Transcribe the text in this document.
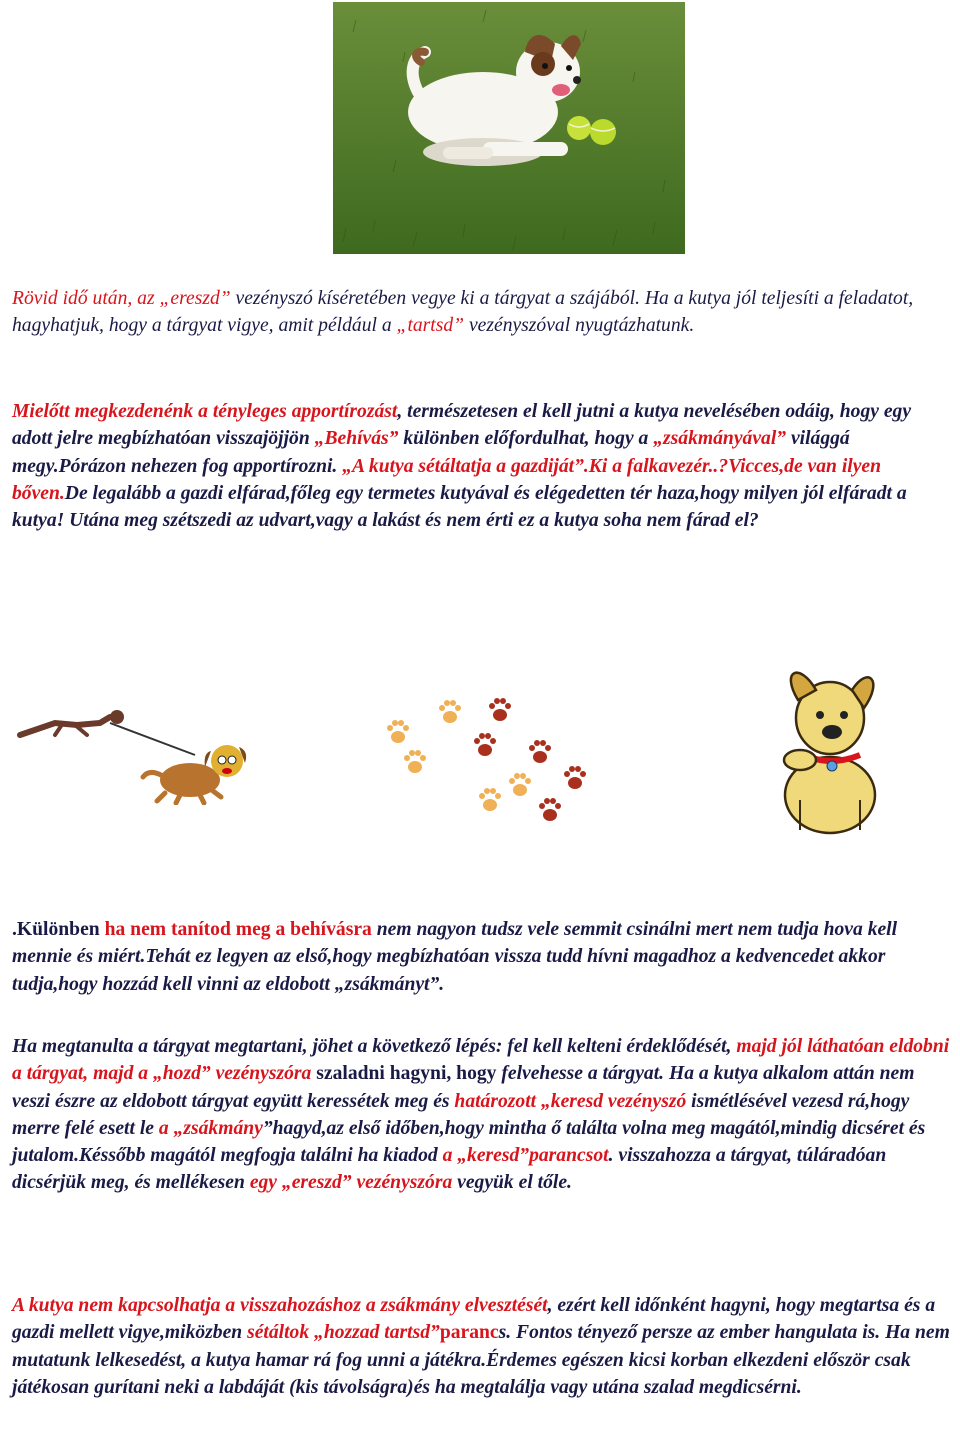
Rövid idő után, az „ereszd” vezényszó kíséretében vegye ki a tárgyat a szájából. Ha a kutya jól teljesíti a feladatot, hagyhatjuk, hogy a tárgyat vigye, amit például a „tartsd” vezényszóval nyugtázhatunk.
Mielőtt megkezdenénk a tényleges apportírozást, természetesen el kell jutni a kutya nevelésében odáig, hogy egy adott jelre megbízhatóan visszajöjjön „Behívás” különben előfordulhat, hogy a „zsákmányával” világgá megy.Pórázon nehezen fog apportírozni. „A kutya sétáltatja a gazdiját”.Ki a falkavezér..?Vicces,de van ilyen bőven.De legalább a gazdi elfárad,főleg egy termetes kutyával és elégedetten tér haza,hogy milyen jól elfáradt a kutya! Utána meg szétszedi az udvart,vagy a lakást és nem érti ez a kutya soha nem fárad el?
.Különben ha nem tanítod meg a behívásra nem nagyon tudsz vele semmit csinálni mert nem tudja hova kell mennie és miért.Tehát ez legyen az első,hogy megbízhatóan vissza tudd hívni magadhoz a kedvencedet akkor tudja,hogy hozzád kell vinni az eldobott „zsákmányt”.
Ha megtanulta a tárgyat megtartani, jöhet a következő lépés: fel kell kelteni érdeklődését, majd jól láthatóan eldobni a tárgyat, majd a „hozd” vezényszóra szaladni hagyni, hogy felvehesse a tárgyat. Ha a kutya alkalom attán nem veszi észre az eldobott tárgyat együtt keressétek meg és határozott „keresd vezényszó ismétlésével vezesd rá,hogy merre felé esett le a „zsákmány”hagyd,az első időben,hogy mintha ő találta volna meg magától,mindig dicséret és jutalom.Késsőbb magától megfogja találni ha kiadod a „keresd”parancsot. visszahozza a tárgyat, túláradóan dicsérjük meg, és mellékesen egy „ereszd” vezényszóra vegyük el tőle.
A kutya nem kapcsolhatja a visszahozáshoz a zsákmány elvesztését, ezért kell időnként hagyni, hogy megtartsa és a gazdi mellett vigye,miközben sétáltok „hozzad tartsd”parancs. Fontos tényező persze az ember hangulata is. Ha nem mutatunk lelkesedést, a kutya hamar rá fog unni a játékra.Érdemes egészen kicsi korban elkezdeni először csak játékosan gurítani neki a labdáját (kis távolságra)és ha megtalálja vagy utána szalad megdicsérni.
